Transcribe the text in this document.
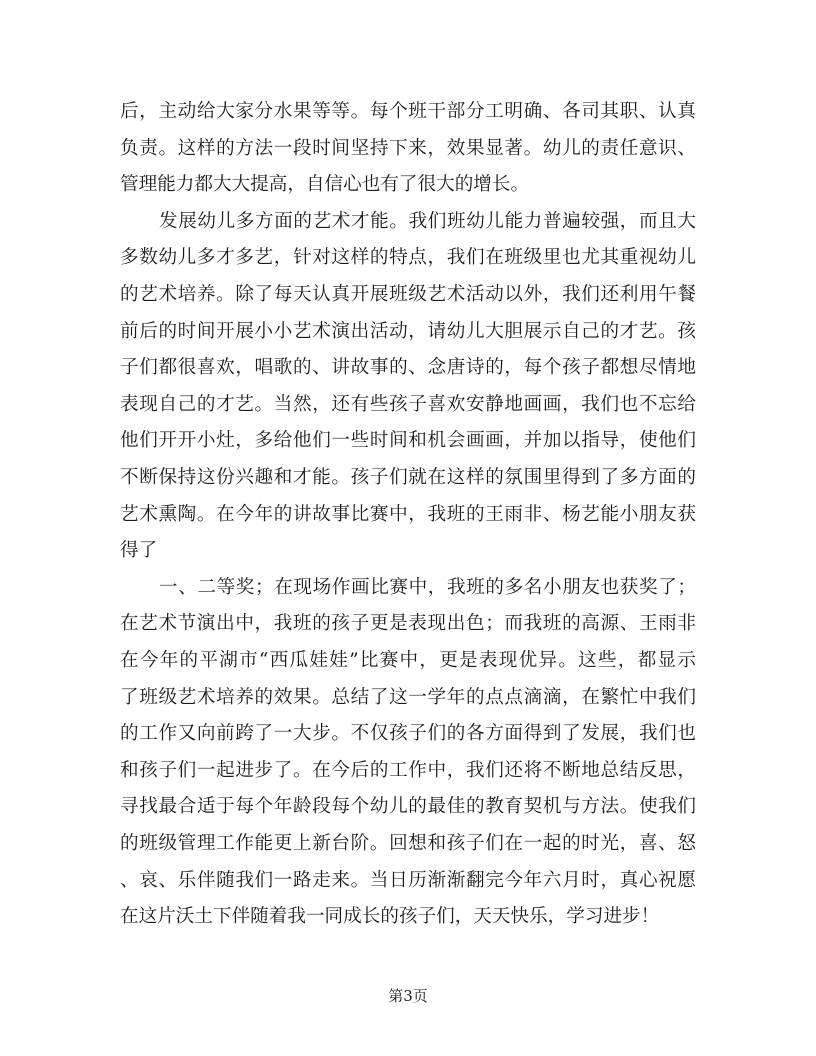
后，主动给大家分水果等等。每个班干部分工明确、各司其职、认真
负责。这样的方法一段时间坚持下来，效果显著。幼儿的责任意识、
管理能力都大大提高，自信心也有了很大的增长。
发展幼儿多方面的艺术才能。我们班幼儿能力普遍较强，而且大
多数幼儿多才多艺，针对这样的特点，我们在班级里也尤其重视幼儿
的艺术培养。除了每天认真开展班级艺术活动以外，我们还利用午餐
前后的时间开展小小艺术演出活动，请幼儿大胆展示自己的才艺。孩
子们都很喜欢，唱歌的、讲故事的、念唐诗的，每个孩子都想尽情地
表现自己的才艺。当然，还有些孩子喜欢安静地画画，我们也不忘给
他们开开小灶，多给他们一些时间和机会画画，并加以指导，使他们
不断保持这份兴趣和才能。孩子们就在这样的氛围里得到了多方面的
艺术熏陶。在今年的讲故事比赛中，我班的王雨非、杨艺能小朋友获
得了
一、二等奖；在现场作画比赛中，我班的多名小朋友也获奖了；
在艺术节演出中，我班的孩子更是表现出色；而我班的高源、王雨非
在今年的平湖市“西瓜娃娃”比赛中，更是表现优异。这些，都显示
了班级艺术培养的效果。总结了这一学年的点点滴滴，在繁忙中我们
的工作又向前跨了一大步。不仅孩子们的各方面得到了发展，我们也
和孩子们一起进步了。在今后的工作中，我们还将不断地总结反思，
寻找最合适于每个年龄段每个幼儿的最佳的教育契机与方法。使我们
的班级管理工作能更上新台阶。回想和孩子们在一起的时光，喜、怒
、哀、乐伴随我们一路走来。当日历渐渐翻完今年六月时，真心祝愿
在这片沃土下伴随着我一同成长的孩子们，天天快乐，学习进步！
第3页
